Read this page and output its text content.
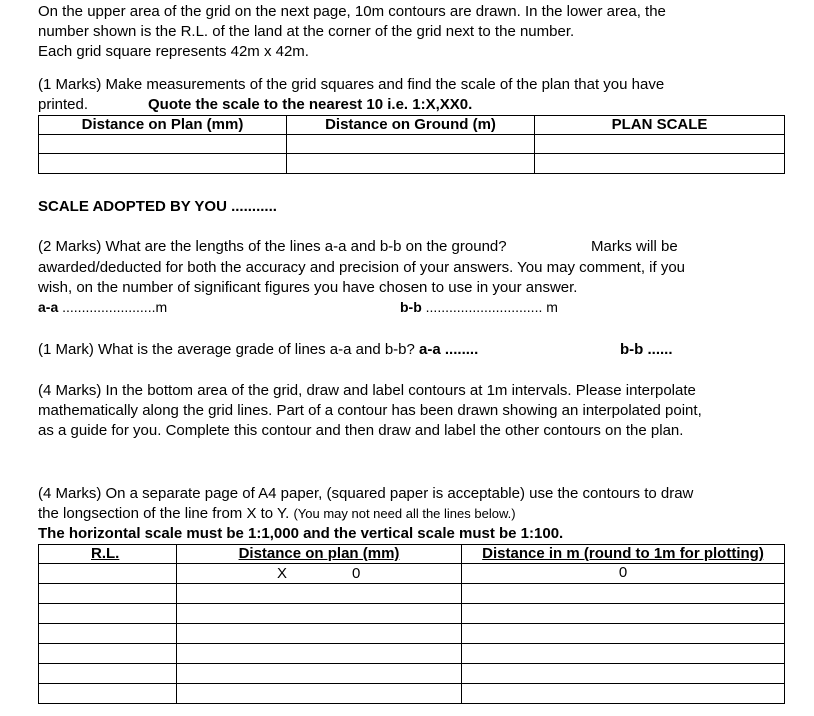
On the upper area of the grid on the next page, 10m contours are drawn. In the lower area, the

number shown is the R.L. of the land at the corner of the grid next to the number.

Each grid square represents 42m x 42m.

(1 Marks) Make measurements of the grid squares and find the scale of the plan that you have

printed.	Quote the scale to the nearest 10 i.e. 1:X,XX0.

Distance on Plan (mm)	Distance on Ground (m)	PLAN SCALE

SCALE ADOPTED BY YOU ...........

(2 Marks) What are the lengths of the lines a-a and b-b on the ground?	Marks will be

awarded/deducted for both the accuracy and precision of your answers. You may comment, if you

wish, on the number of significant figures you have chosen to use in your answer.

a-a ........................m	b-b .............................. m

(1 Mark) What is the average grade of lines a-a and b-b? a-a ........	b-b ......

(4 Marks) In the bottom area of the grid, draw and label contours at 1m intervals. Please interpolate

mathematically along the grid lines. Part of a contour has been drawn showing an interpolated point,

as a guide for you. Complete this contour and then draw and label the other contours on the plan.

(4 Marks) On a separate page of A4 paper, (squared paper is acceptable) use the contours to draw

the longsection of the line from X to Y. (You may not need all the lines below.)

The horizontal scale must be 1:1,000 and the vertical scale must be 1:100.

R.L.	Distance on plan (mm)	Distance in m (round to 1m for plotting)

	X 0	0
